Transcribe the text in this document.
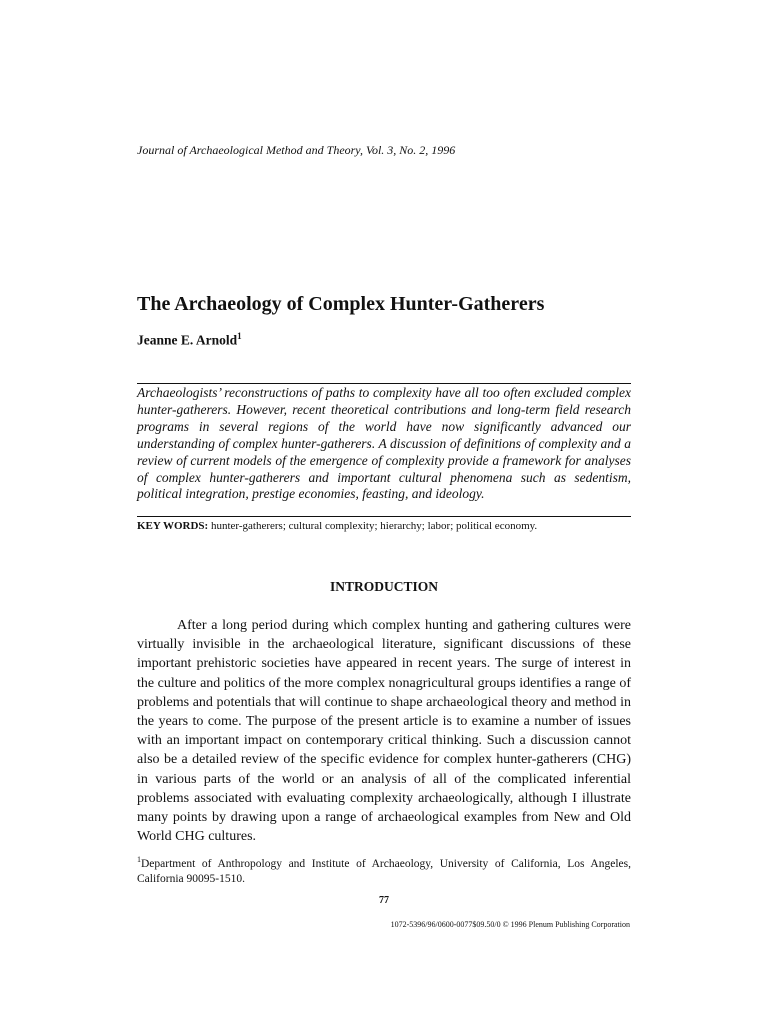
Journal of Archaeological Method and Theory, Vol. 3, No. 2, 1996
The Archaeology of Complex Hunter-Gatherers
Jeanne E. Arnold$^1$

Archaeologists’ reconstructions of paths to complexity have all too often excluded complex hunter-gatherers. However, recent theoretical contributions and long-term field research programs in several regions of the world have now significantly advanced our understanding of complex hunter-gatherers. A discussion of definitions of complexity and a review of current models of the emergence of complexity provide a framework for analyses of complex hunter-gatherers and important cultural phenomena such as sedentism, political integration, prestige economies, feasting, and ideology.

KEY WORDS: hunter-gatherers; cultural complexity; hierarchy; labor; political economy.
INTRODUCTION

After a long period during which complex hunting and gathering cultures were virtually invisible in the archaeological literature, significant discussions of these important prehistoric societies have appeared in recent years. The surge of interest in the culture and politics of the more complex nonagricultural groups identifies a range of problems and potentials that will continue to shape archaeological theory and method in the years to come. The purpose of the present article is to examine a number of issues with an important impact on contemporary critical thinking. Such a discussion cannot also be a detailed review of the specific evidence for complex hunter-gatherers (CHG) in various parts of the world or an analysis of all of the complicated inferential problems associated with evaluating complexity archaeologically, although I illustrate many points by drawing upon a range of archaeological examples from New and Old World CHG cultures.

$^1$Department of Anthropology and Institute of Archaeology, University of California, Los Angeles, California 90095-1510.

77
1072-5396/96/0600-0077$09.50/0 © 1996 Plenum Publishing Corporation
